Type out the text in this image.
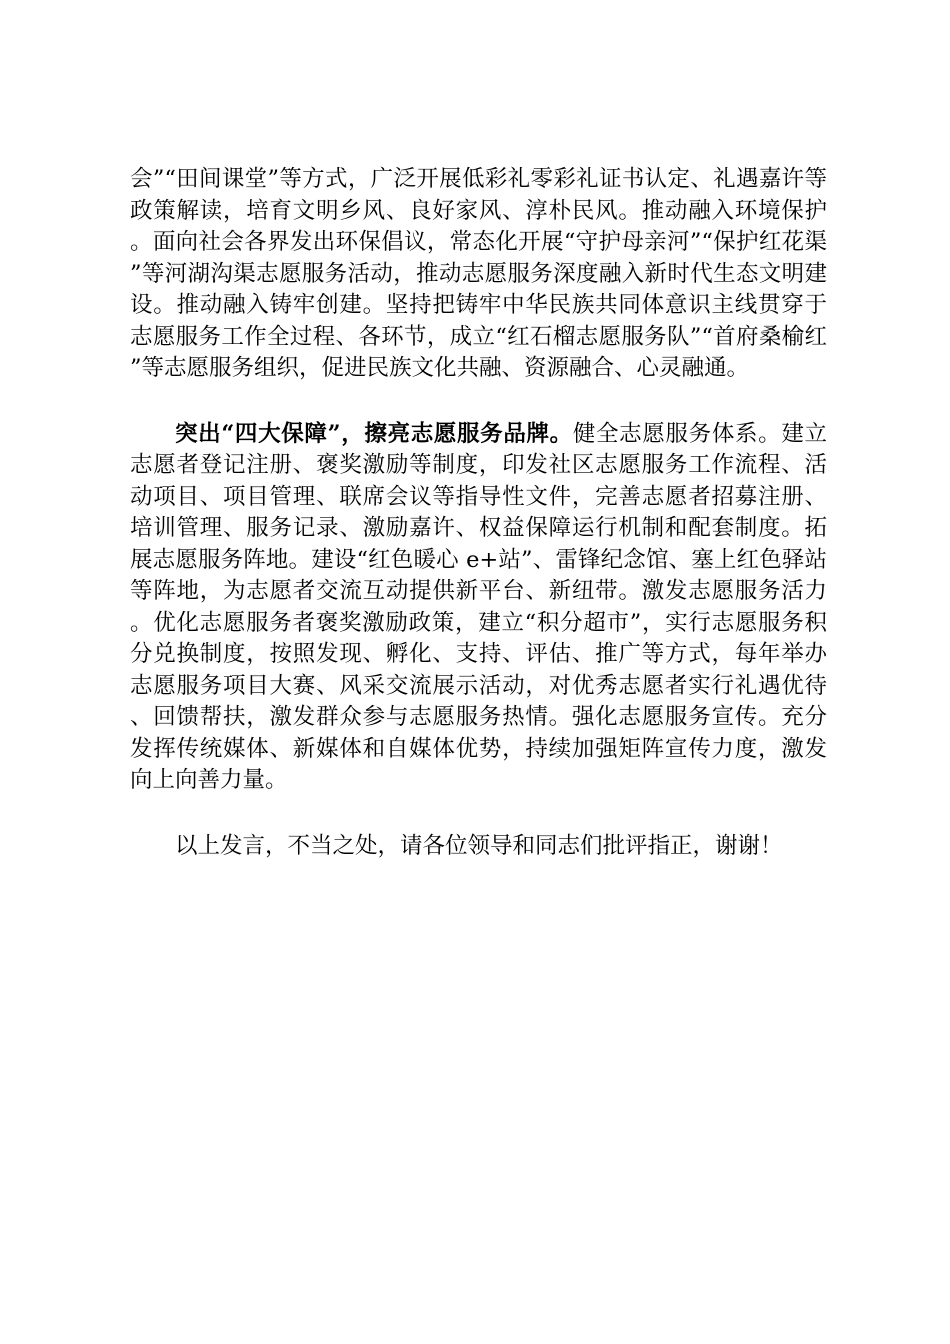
会”“田间课堂”等方式，广泛开展低彩礼零彩礼证书认定、礼遇嘉许等政策解读，培育文明乡风、良好家风、淳朴民风。推动融入环境保护。面向社会各界发出环保倡议，常态化开展“守护母亲河”“保护红花渠”等河湖沟渠志愿服务活动，推动志愿服务深度融入新时代生态文明建设。推动融入铸牢创建。坚持把铸牢中华民族共同体意识主线贯穿于志愿服务工作全过程、各环节，成立“红石榴志愿服务队”“首府桑榆红”等志愿服务组织，促进民族文化共融、资源融合、心灵融通。

突出“四大保障”，擦亮志愿服务品牌。健全志愿服务体系。建立志愿者登记注册、褒奖激励等制度，印发社区志愿服务工作流程、活动项目、项目管理、联席会议等指导性文件，完善志愿者招募注册、培训管理、服务记录、激励嘉许、权益保障运行机制和配套制度。拓展志愿服务阵地。建设“红色暖心 e+站”、雷锋纪念馆、塞上红色驿站等阵地，为志愿者交流互动提供新平台、新纽带。激发志愿服务活力。优化志愿服务者褒奖激励政策，建立“积分超市”，实行志愿服务积分兑换制度，按照发现、孵化、支持、评估、推广等方式，每年举办志愿服务项目大赛、风采交流展示活动，对优秀志愿者实行礼遇优待、回馈帮扶，激发群众参与志愿服务热情。强化志愿服务宣传。充分发挥传统媒体、新媒体和自媒体优势，持续加强矩阵宣传力度，激发向上向善力量。

以上发言，不当之处，请各位领导和同志们批评指正，谢谢！
